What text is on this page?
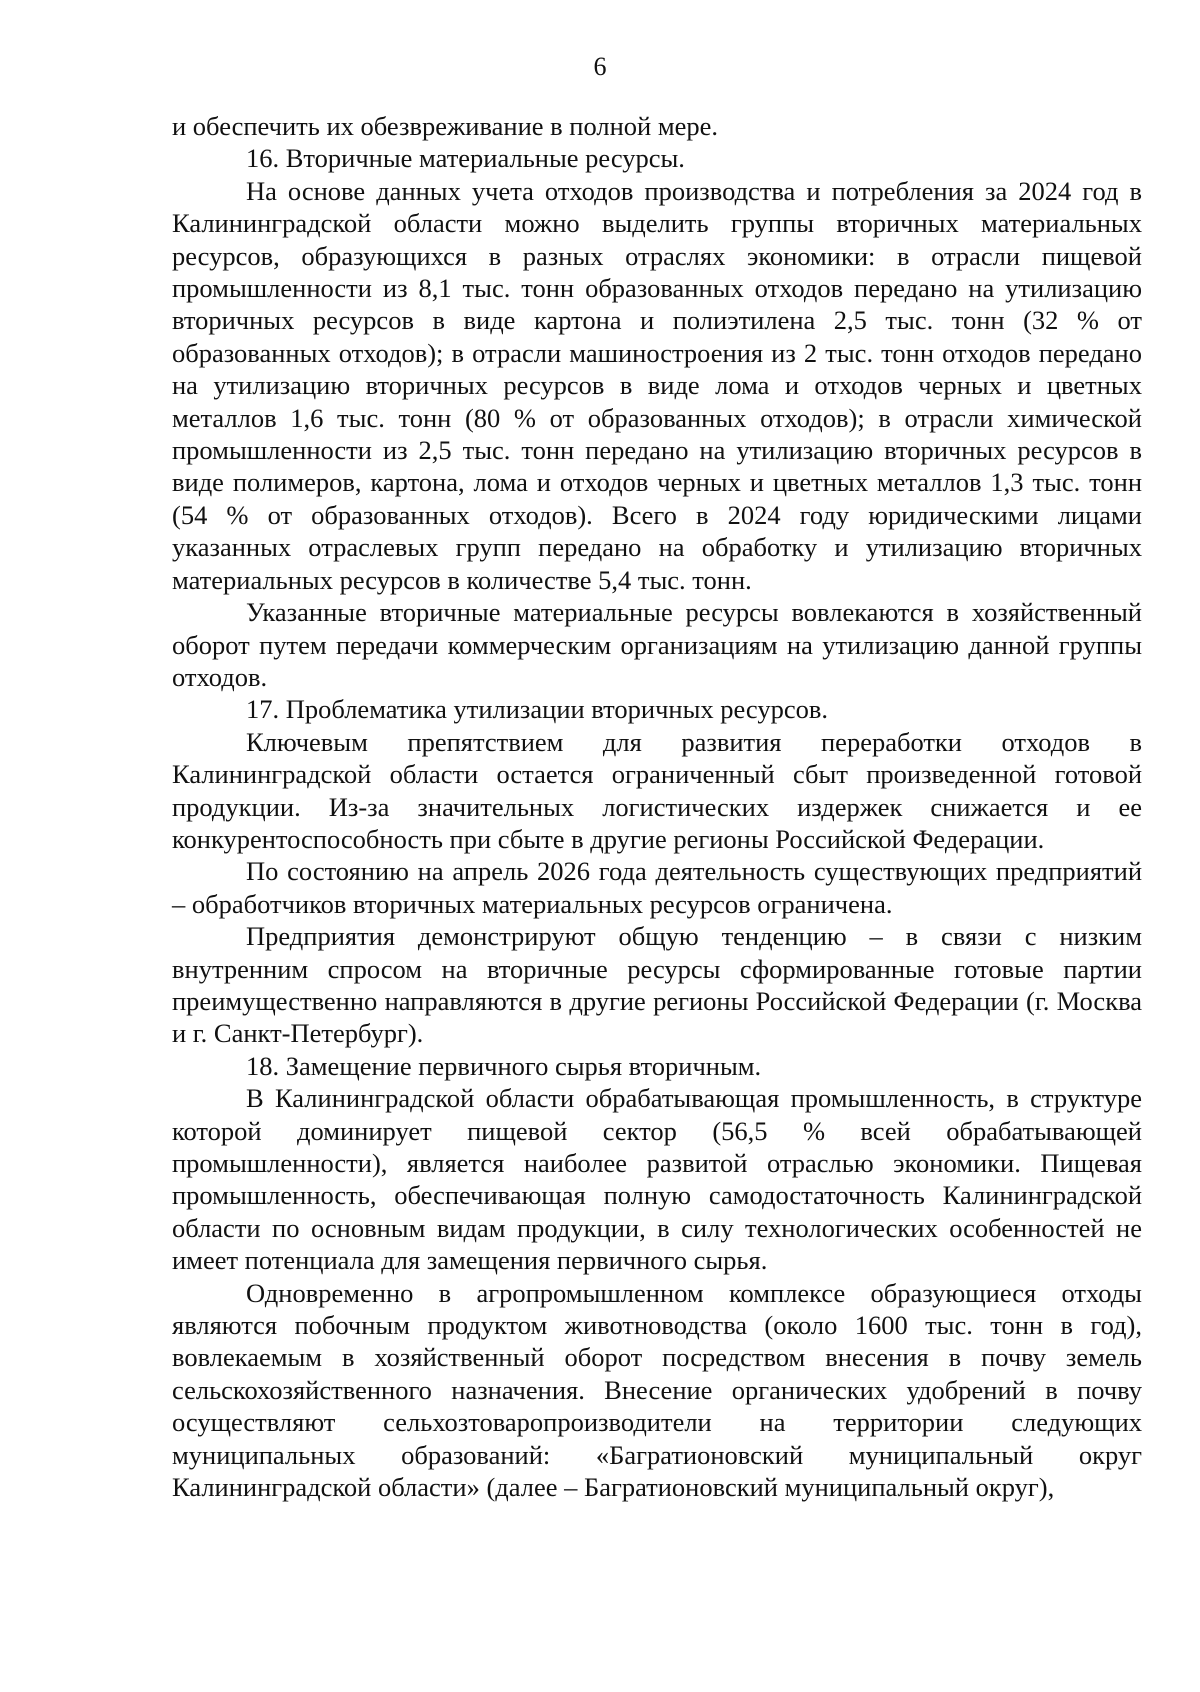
6

и обеспечить их обезвреживание в полной мере.

16. Вторичные материальные ресурсы.

На основе данных учета отходов производства и потребления за 2024 год в Калининградской области можно выделить группы вторичных материальных ресурсов, образующихся в разных отраслях экономики: в отрасли пищевой промышленности из 8,1 тыс. тонн образованных отходов передано на утилизацию вторичных ресурсов в виде картона и полиэтилена 2,5 тыс. тонн (32 % от образованных отходов); в отрасли машиностроения из 2 тыс. тонн отходов передано на утилизацию вторичных ресурсов в виде лома и отходов черных и цветных металлов 1,6 тыс. тонн (80 % от образованных отходов); в отрасли химической промышленности из 2,5 тыс. тонн передано на утилизацию вторичных ресурсов в виде полимеров, картона, лома и отходов черных и цветных металлов 1,3 тыс. тонн (54 % от образованных отходов). Всего в 2024 году юридическими лицами указанных отраслевых групп передано на обработку и утилизацию вторичных материальных ресурсов в количестве 5,4 тыс. тонн.

Указанные вторичные материальные ресурсы вовлекаются в хозяйственный оборот путем передачи коммерческим организациям на утилизацию данной группы отходов.

17. Проблематика утилизации вторичных ресурсов.

Ключевым препятствием для развития переработки отходов в Калининградской области остается ограниченный сбыт произведенной готовой продукции. Из-за значительных логистических издержек снижается и ее конкурентоспособность при сбыте в другие регионы Российской Федерации.

По состоянию на апрель 2026 года деятельность существующих предприятий – обработчиков вторичных материальных ресурсов ограничена.

Предприятия демонстрируют общую тенденцию – в связи с низким внутренним спросом на вторичные ресурсы сформированные готовые партии преимущественно направляются в другие регионы Российской Федерации (г. Москва и г. Санкт-Петербург).

18. Замещение первичного сырья вторичным.

В Калининградской области обрабатывающая промышленность, в структуре которой доминирует пищевой сектор (56,5 % всей обрабатывающей промышленности), является наиболее развитой отраслью экономики. Пищевая промышленность, обеспечивающая полную самодостаточность Калининградской области по основным видам продукции, в силу технологических особенностей не имеет потенциала для замещения первичного сырья.

Одновременно в агропромышленном комплексе образующиеся отходы являются побочным продуктом животноводства (около 1600 тыс. тонн в год), вовлекаемым в хозяйственный оборот посредством внесения в почву земель сельскохозяйственного назначения. Внесение органических удобрений в почву осуществляют сельхозтоваропроизводители на территории следующих муниципальных образований: «Багратионовский муниципальный округ Калининградской области» (далее – Багратионовский муниципальный округ),
